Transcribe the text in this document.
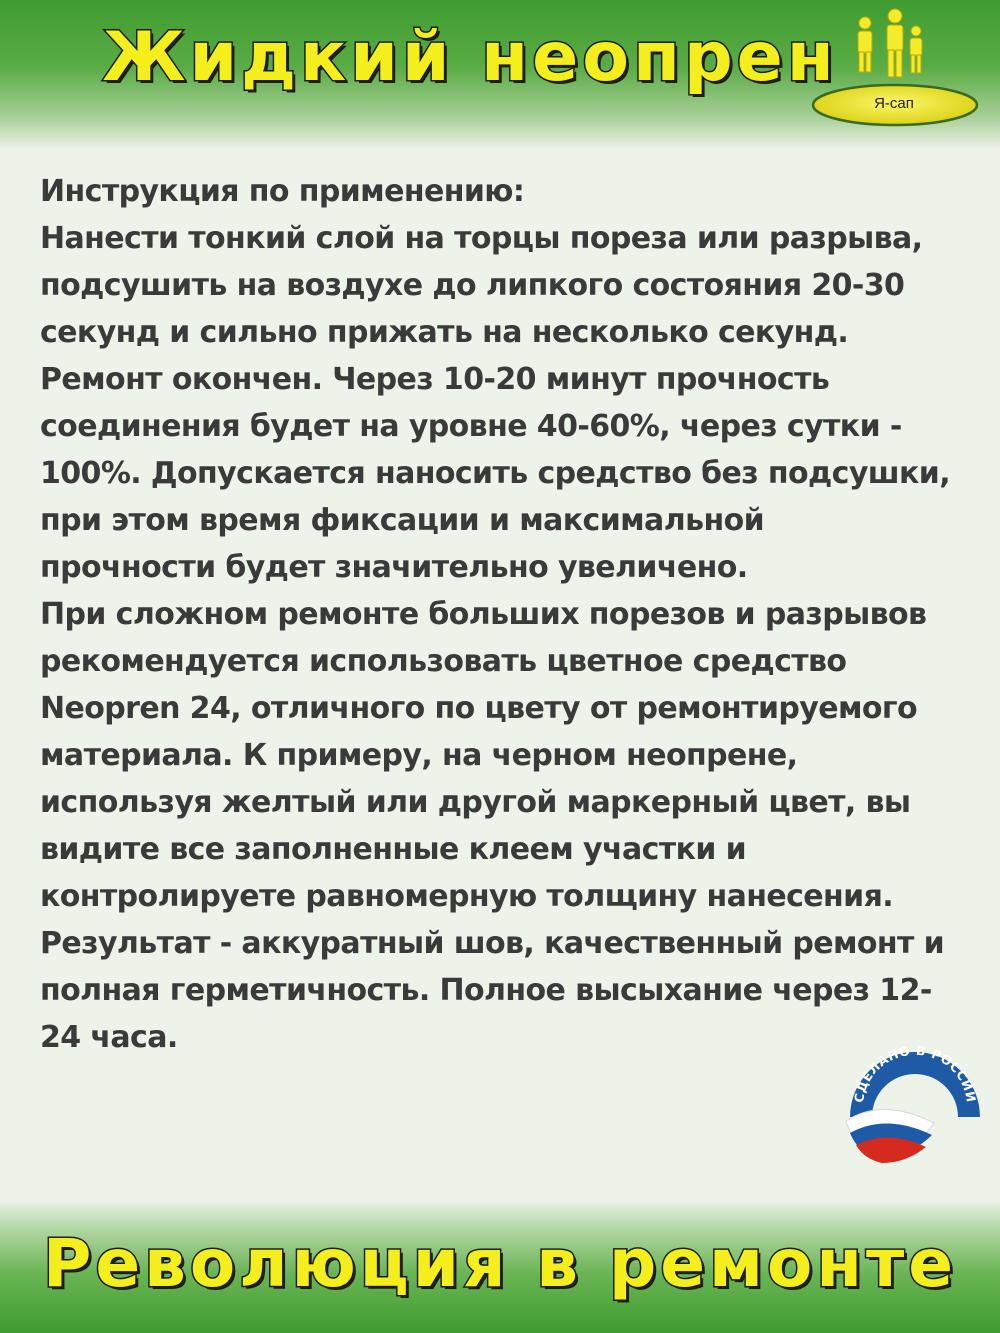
Жидкий неопрен
Я-сап
Инструкция по применению:
Нанести тонкий слой на торцы пореза или разрыва,
подсушить на воздухе до липкого состояния 20-30
секунд и сильно прижать на несколько секунд.
Ремонт окончен. Через 10-20 минут прочность
соединения будет на уровне 40-60%, через сутки -
100%. Допускается наносить средство без подсушки,
при этом время фиксации и максимальной
прочности будет значительно увеличено.
При сложном ремонте больших порезов и разрывов
рекомендуется использовать цветное средство
Neopren 24, отличного по цвету от ремонтируемого
материала. К примеру, на черном неопрене,
используя желтый или другой маркерный цвет, вы
видите все заполненные клеем участки и
контролируете равномерную толщину нанесения.
Результат - аккуратный шов, качественный ремонт и
полная герметичность. Полное высыхание через 12-
24 часа.
СДЕЛАНО В РОССИИ
Революция в ремонте
